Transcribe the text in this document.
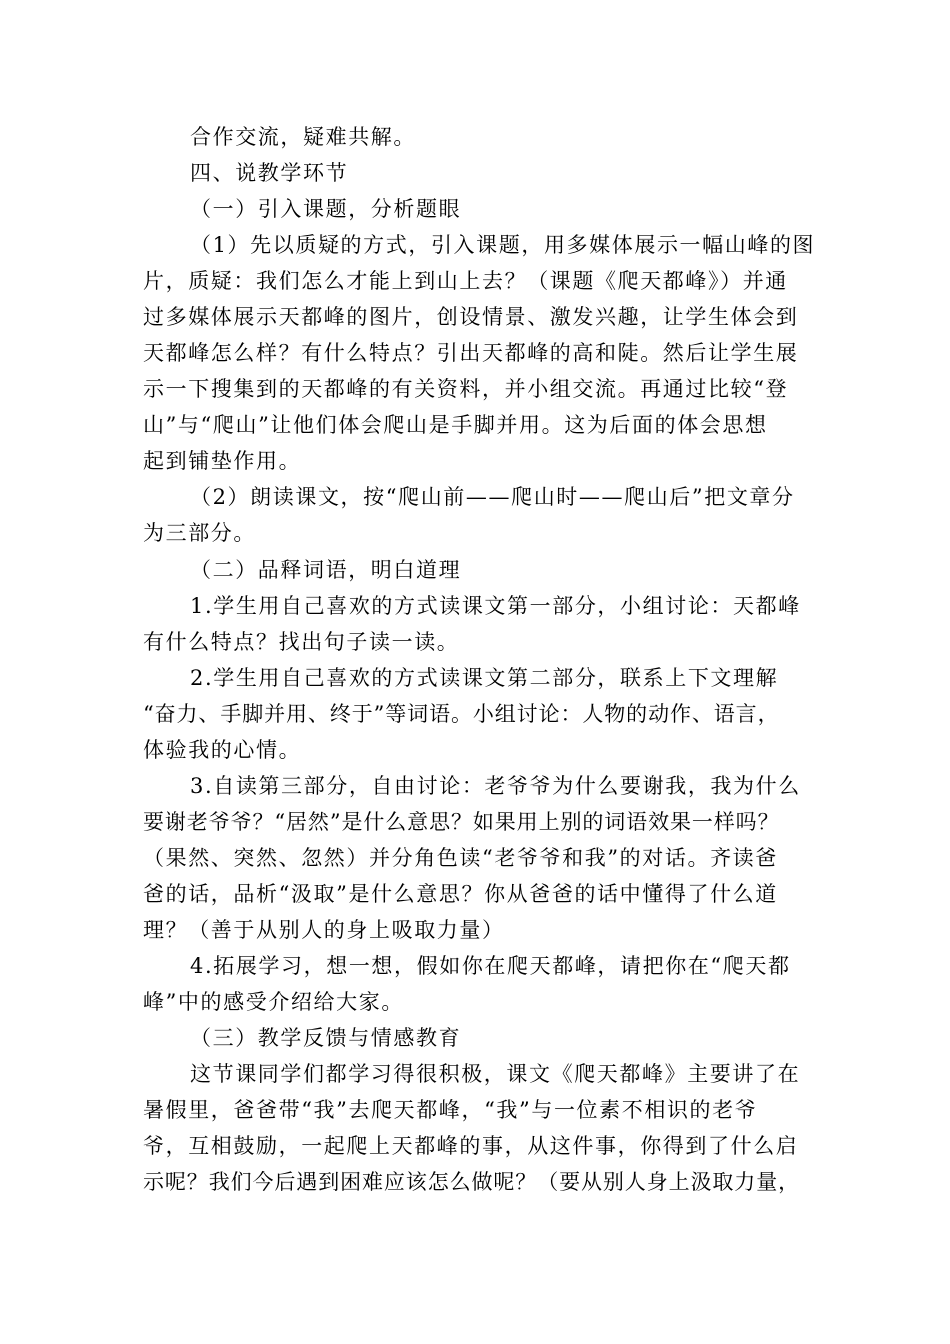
合作交流，疑难共解。
四、说教学环节
（一）引入课题，分析题眼
（1）先以质疑的方式，引入课题，用多媒体展示一幅山峰的图
片，质疑：我们怎么才能上到山上去？（课题《爬天都峰》）并通
过多媒体展示天都峰的图片，创设情景、激发兴趣，让学生体会到
天都峰怎么样？有什么特点？引出天都峰的高和陡。然后让学生展
示一下搜集到的天都峰的有关资料，并小组交流。再通过比较“登
山”与“爬山”让他们体会爬山是手脚并用。这为后面的体会思想
起到铺垫作用。
（2）朗读课文，按“爬山前——爬山时——爬山后”把文章分
为三部分。
（二）品释词语，明白道理
1.学生用自己喜欢的方式读课文第一部分，小组讨论：天都峰
有什么特点？找出句子读一读。
2.学生用自己喜欢的方式读课文第二部分，联系上下文理解
“奋力、手脚并用、终于”等词语。小组讨论：人物的动作、语言，
体验我的心情。
3.自读第三部分，自由讨论：老爷爷为什么要谢我，我为什么
要谢老爷爷？“居然”是什么意思？如果用上别的词语效果一样吗？
（果然、突然、忽然）并分角色读“老爷爷和我”的对话。齐读爸
爸的话，品析“汲取”是什么意思？你从爸爸的话中懂得了什么道
理？（善于从别人的身上吸取力量）
4.拓展学习，想一想，假如你在爬天都峰，请把你在“爬天都
峰”中的感受介绍给大家。
（三）教学反馈与情感教育
这节课同学们都学习得很积极，课文《爬天都峰》主要讲了在
暑假里，爸爸带“我”去爬天都峰，“我”与一位素不相识的老爷
爷，互相鼓励，一起爬上天都峰的事，从这件事，你得到了什么启
示呢？我们今后遇到困难应该怎么做呢？（要从别人身上汲取力量，
